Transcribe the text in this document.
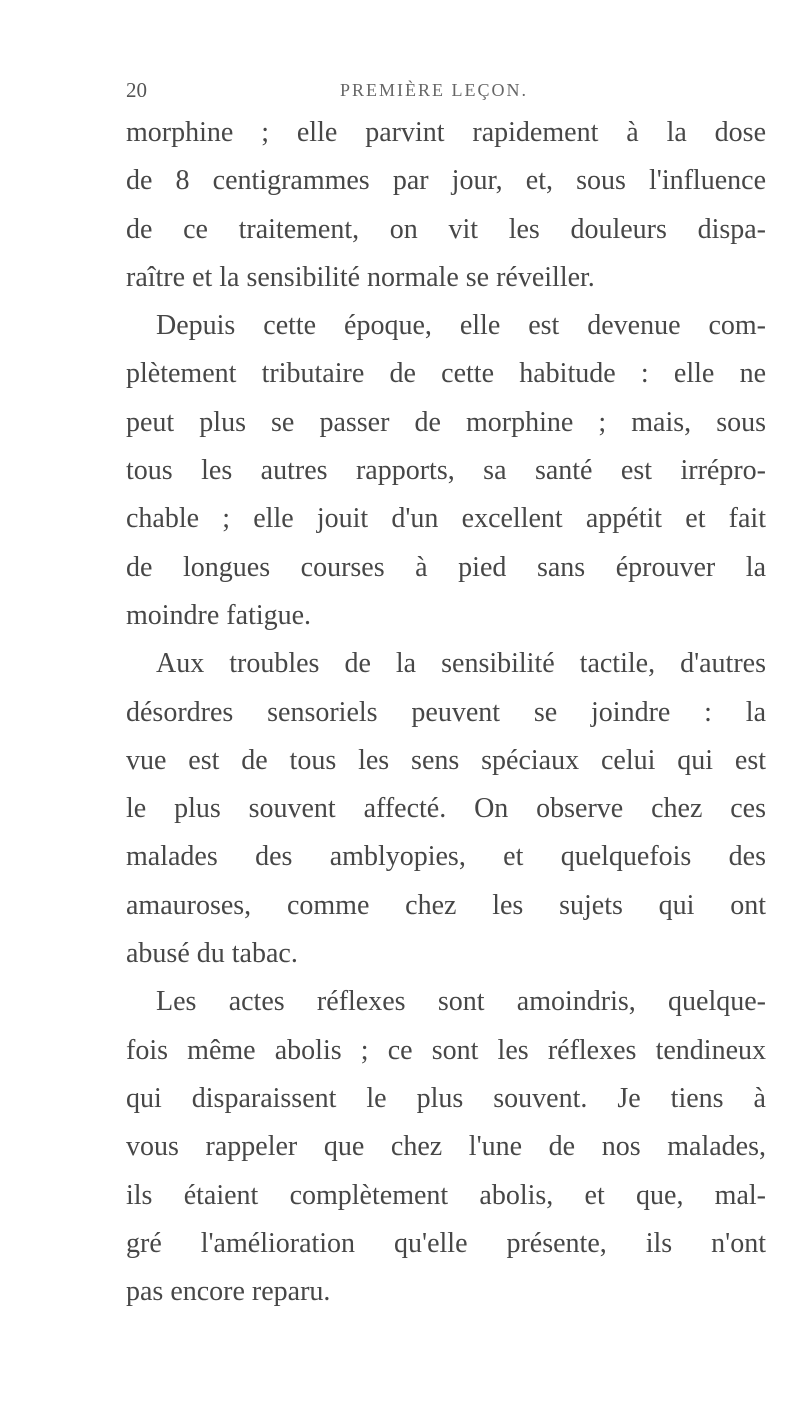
20	PREMIÈRE LEÇON.
morphine ; elle parvint rapidement à la dose
de 8 centigrammes par jour, et, sous l'influence
de ce traitement, on vit les douleurs dispa-
raître et la sensibilité normale se réveiller.
Depuis cette époque, elle est devenue com-
plètement tributaire de cette habitude : elle ne
peut plus se passer de morphine ; mais, sous
tous les autres rapports, sa santé est irrépro-
chable ; elle jouit d'un excellent appétit et fait
de longues courses à pied sans éprouver la
moindre fatigue.
Aux troubles de la sensibilité tactile, d'autres
désordres sensoriels peuvent se joindre : la
vue est de tous les sens spéciaux celui qui est
le plus souvent affecté. On observe chez ces
malades des amblyopies, et quelquefois des
amauroses, comme chez les sujets qui ont
abusé du tabac.
Les actes réflexes sont amoindris, quelque-
fois même abolis ; ce sont les réflexes tendineux
qui disparaissent le plus souvent. Je tiens à
vous rappeler que chez l'une de nos malades,
ils étaient complètement abolis, et que, mal-
gré l'amélioration qu'elle présente, ils n'ont
pas encore reparu.
